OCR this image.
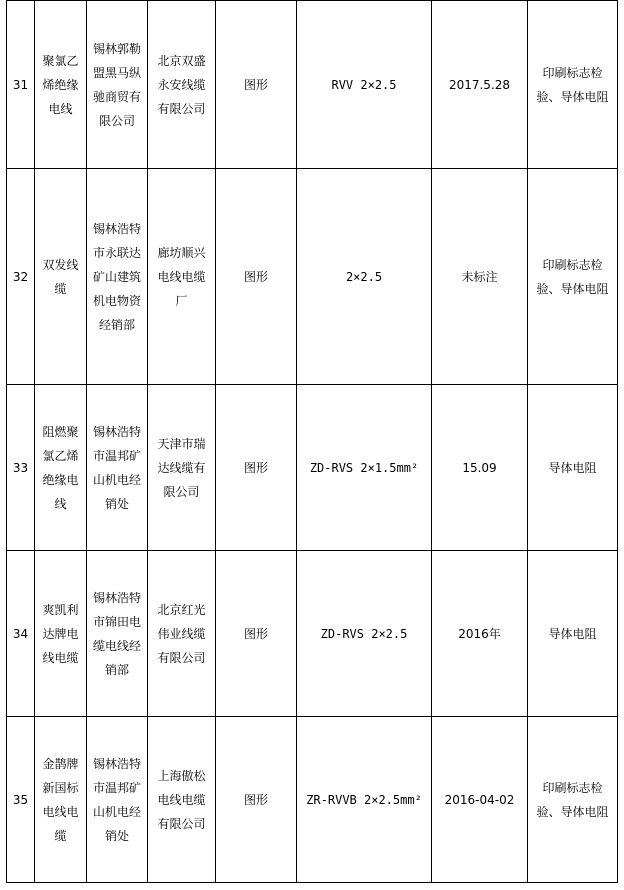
31	聚氯乙烯绝缘电线	锡林郭勒盟黑马纵驰商贸有限公司	北京双盛永安线缆有限公司	图形	RVV 2×2.5	2017.5.28	印刷标志检验、导体电阻
32	双发线缆	锡林浩特市永联达矿山建筑机电物资经销部	廊坊顺兴电线电缆厂	图形	2×2.5	未标注	印刷标志检验、导体电阻
33	阻燃聚氯乙烯绝缘电线	锡林浩特市温邦矿山机电经销处	天津市瑞达线缆有限公司	图形	ZD-RVS 2×1.5mm²	15.09	导体电阻
34	爽凯利达牌电线电缆	锡林浩特市锦田电缆电线经销部	北京红光伟业线缆有限公司	图形	ZD-RVS 2×2.5	2016年	导体电阻
35	金鹊牌新国标电线电缆	锡林浩特市温邦矿山机电经销处	上海傲松电线电缆有限公司	图形	ZR-RVVB 2×2.5mm²	2016-04-02	印刷标志检验、导体电阻
